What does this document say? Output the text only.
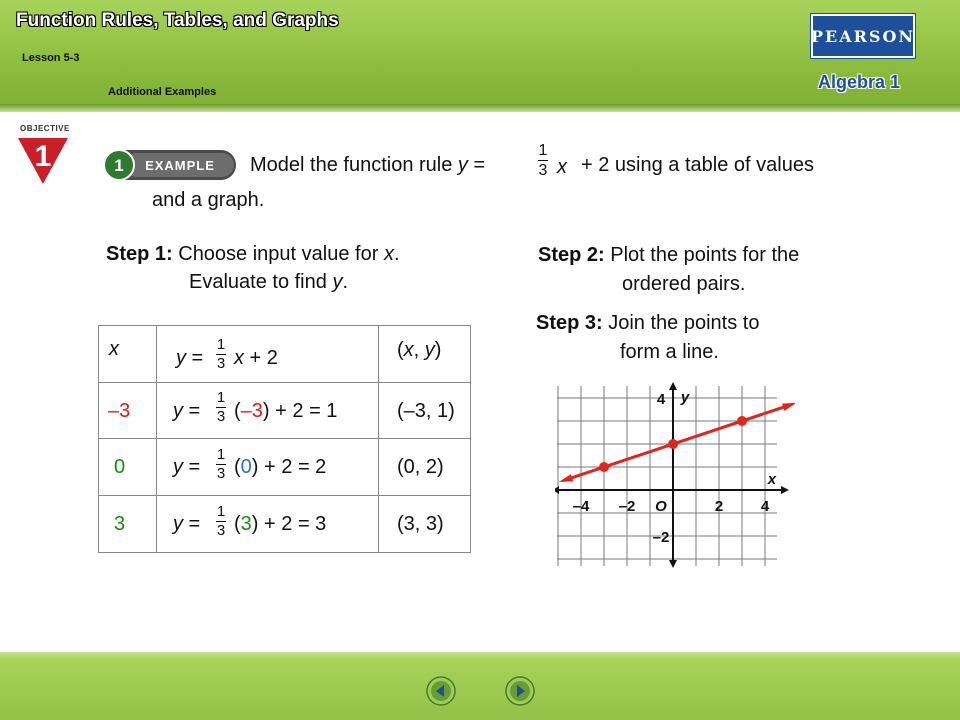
Function Rules, Tables, and Graphs
Lesson 5-3
Additional Examples
PEARSON
Algebra 1
OBJECTIVE
1	1 EXAMPLE Model the function rule y =
1
3 x + 2 using a table of values
and a graph.
Step 1: Choose input value for x.
Evaluate to find y.
Step 2: Plot the points for the
ordered pairs.
Step 3: Join the points to
form a line.
x	y =
1
3 x + 2	(x, y)
–3 y =
1
3 (–3) + 2 = 1	(–3, 1)
0 y =
1
3 (0) + 2 = 2	(0, 2)
3 y =
1
3 (3) + 2 = 3	(3, 3)
–4 –2	2	4
4
–2
O
x
y
